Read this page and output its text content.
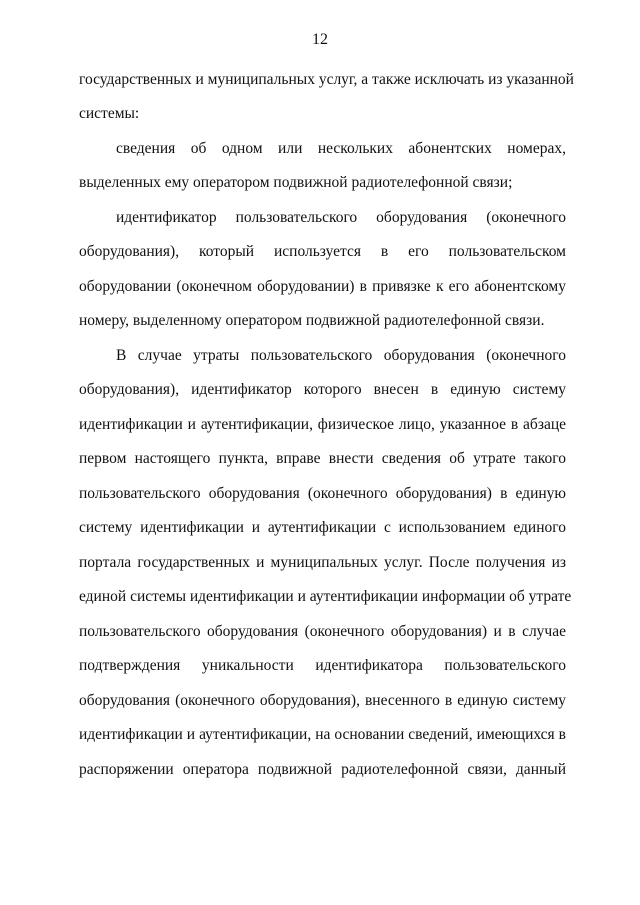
12
государственных и муниципальных услуг, а также исключать из указанной
системы:
сведения об одном или нескольких абонентских номерах,
выделенных ему оператором подвижной радиотелефонной связи;
идентификатор пользовательского оборудования (оконечного
оборудования), который используется в его пользовательском
оборудовании (оконечном оборудовании) в привязке к его абонентскому
номеру, выделенному оператором подвижной радиотелефонной связи.
В случае утраты пользовательского оборудования (оконечного
оборудования), идентификатор которого внесен в единую систему
идентификации и аутентификации, физическое лицо, указанное в абзаце
первом настоящего пункта, вправе внести сведения об утрате такого
пользовательского оборудования (оконечного оборудования) в единую
систему идентификации и аутентификации с использованием единого
портала государственных и муниципальных услуг. После получения из
единой системы идентификации и аутентификации информации об утрате
пользовательского оборудования (оконечного оборудования) и в случае
подтверждения уникальности идентификатора пользовательского
оборудования (оконечного оборудования), внесенного в единую систему
идентификации и аутентификации, на основании сведений, имеющихся в
распоряжении оператора подвижной радиотелефонной связи, данный
